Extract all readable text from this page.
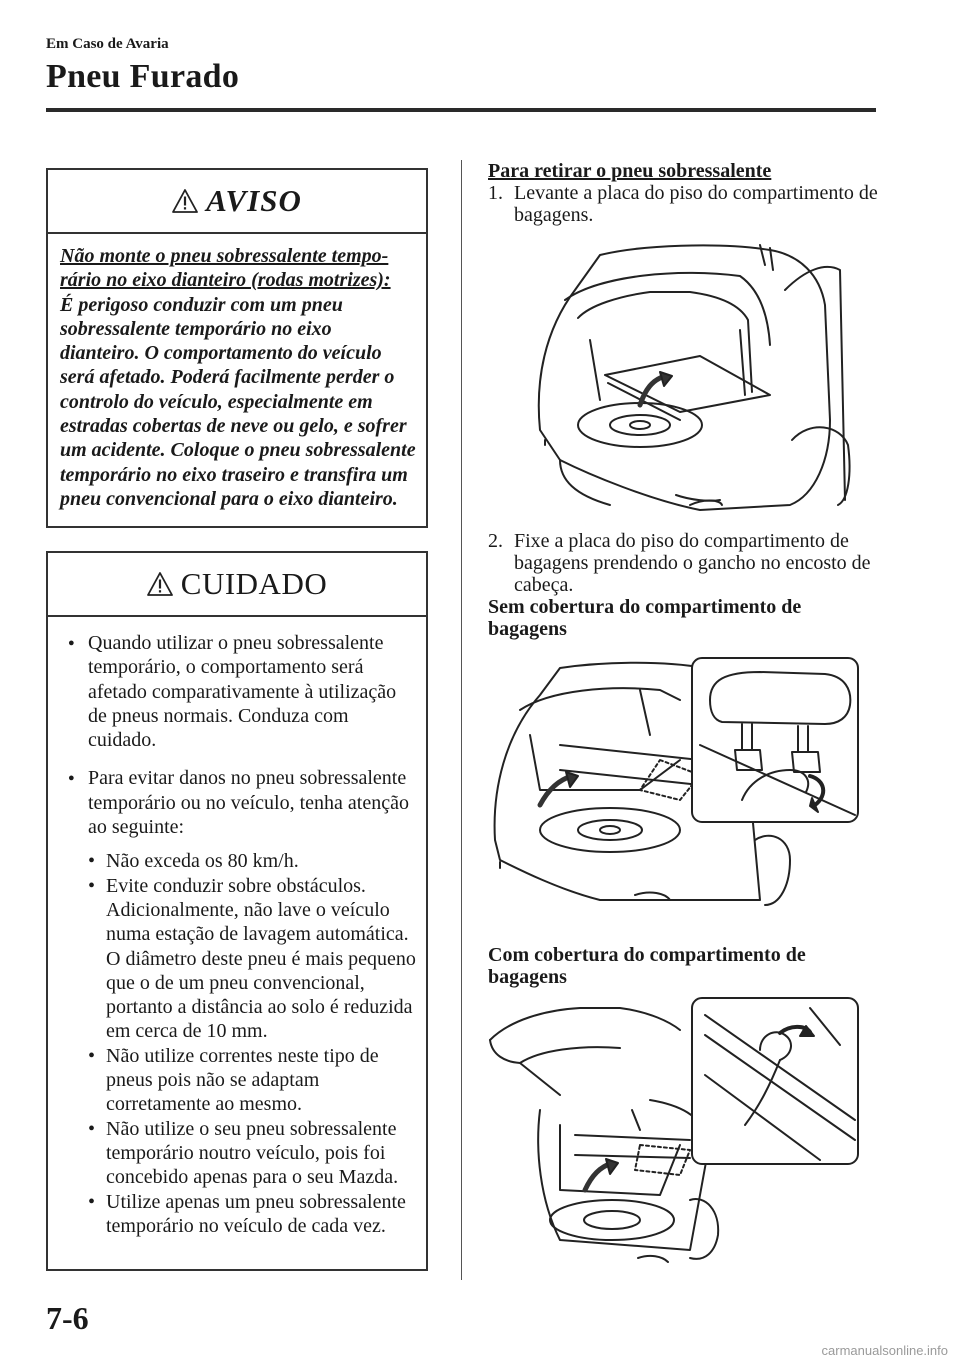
Em Caso de Avaria
Pneu Furado
AVISO
Não monte o pneu sobressalente tempo-rário no eixo dianteiro (rodas motrizes):
É perigoso conduzir com um pneu sobressalente temporário no eixo dianteiro. O comportamento do veículo será afetado. Poderá facilmente perder o controlo do veículo, especialmente em estradas cobertas de neve ou gelo, e sofrer um acidente. Coloque o pneu sobressalente temporário no eixo traseiro e transfira um pneu convencional para o eixo dianteiro.
CUIDADO
● Quando utilizar o pneu sobressalente temporário, o comportamento será afetado comparativamente à utilização de pneus normais. Conduza com cuidado.
● Para evitar danos no pneu sobressalente temporário ou no veículo, tenha atenção ao seguinte:
• Não exceda os 80 km/h.
• Evite conduzir sobre obstáculos. Adicionalmente, não lave o veículo numa estação de lavagem automática. O diâmetro deste pneu é mais pequeno que o de um pneu convencional, portanto a distância ao solo é reduzida em cerca de 10 mm.
• Não utilize correntes neste tipo de pneus pois não se adaptam corretamente ao mesmo.
• Não utilize o seu pneu sobressalente temporário noutro veículo, pois foi concebido apenas para o seu Mazda.
• Utilize apenas um pneu sobressalente temporário no veículo de cada vez.
Para retirar o pneu sobressalente
1. Levante a placa do piso do compartimento de bagagens.
2. Fixe a placa do piso do compartimento de bagagens prendendo o gancho no encosto de cabeça.
Sem cobertura do compartimento de bagagens
Com cobertura do compartimento de bagagens
7-6
carmanualsonline.info
